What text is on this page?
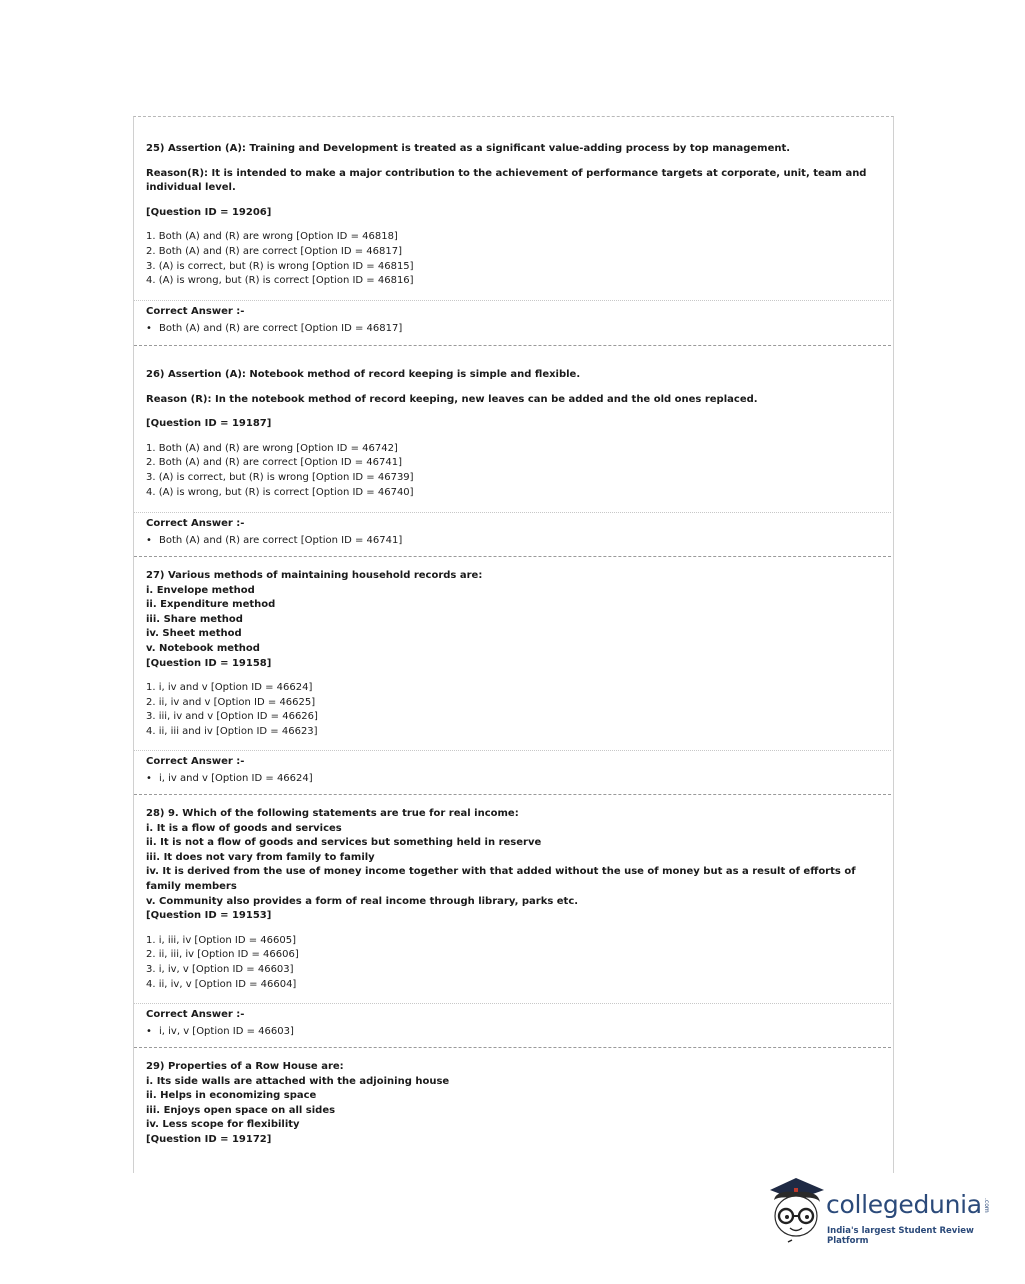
25) Assertion (A): Training and Development is treated as a significant value-adding process by top management.
Reason(R): It is intended to make a major contribution to the achievement of performance targets at corporate, unit, team and individual level.
[Question ID = 19206]
1. Both (A) and (R) are wrong [Option ID = 46818]
2. Both (A) and (R) are correct [Option ID = 46817]
3. (A) is correct, but (R) is wrong [Option ID = 46815]
4. (A) is wrong, but (R) is correct [Option ID = 46816]
Correct Answer :-
• Both (A) and (R) are correct [Option ID = 46817]
26) Assertion (A): Notebook method of record keeping is simple and flexible.
Reason (R): In the notebook method of record keeping, new leaves can be added and the old ones replaced.
[Question ID = 19187]
1. Both (A) and (R) are wrong [Option ID = 46742]
2. Both (A) and (R) are correct [Option ID = 46741]
3. (A) is correct, but (R) is wrong [Option ID = 46739]
4. (A) is wrong, but (R) is correct [Option ID = 46740]
Correct Answer :-
• Both (A) and (R) are correct [Option ID = 46741]
27) Various methods of maintaining household records are:
i. Envelope method
ii. Expenditure method
iii. Share method
iv. Sheet method
v. Notebook method
[Question ID = 19158]
1. i, iv and v [Option ID = 46624]
2. ii, iv and v [Option ID = 46625]
3. iii, iv and v [Option ID = 46626]
4. ii, iii and iv [Option ID = 46623]
Correct Answer :-
• i, iv and v [Option ID = 46624]
28) 9. Which of the following statements are true for real income:
i. It is a flow of goods and services
ii. It is not a flow of goods and services but something held in reserve
iii. It does not vary from family to family
iv. It is derived from the use of money income together with that added without the use of money but as a result of efforts of family members
v. Community also provides a form of real income through library, parks etc.
[Question ID = 19153]
1. i, iii, iv [Option ID = 46605]
2. ii, iii, iv [Option ID = 46606]
3. i, iv, v [Option ID = 46603]
4. ii, iv, v [Option ID = 46604]
Correct Answer :-
• i, iv, v [Option ID = 46603]
29) Properties of a Row House are:
i. Its side walls are attached with the adjoining house
ii. Helps in economizing space
iii. Enjoys open space on all sides
iv. Less scope for flexibility
[Question ID = 19172]
collegedunia .com
India's largest Student Review Platform
